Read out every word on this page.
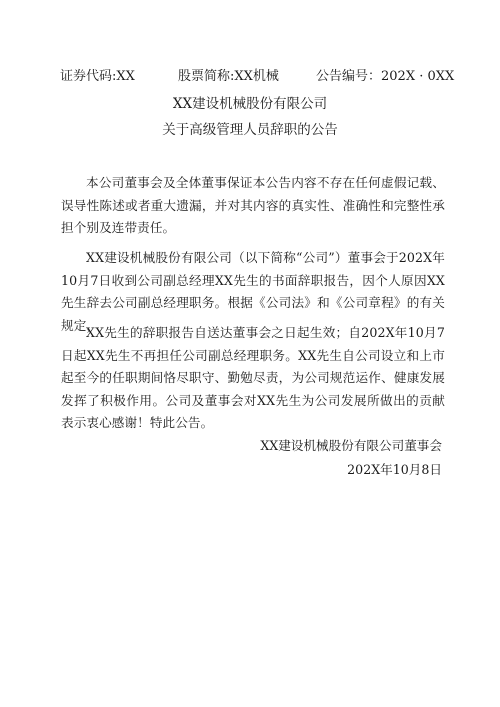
证券代码:XX	股票简称:XX机械	公告编号：202X · 0XX
XX建设机械股份有限公司
关于高级管理人员辞职的公告

本公司董事会及全体董事保证本公告内容不存在任何虚假记载、误导性陈述或者重大遗漏，并对其内容的真实性、准确性和完整性承担个别及连带责任。

XX建设机械股份有限公司（以下简称“公司”）董事会于202X年10月7日收到公司副总经理XX先生的书面辞职报告，因个人原因XX先生辞去公司副总经理职务。根据《公司法》和《公司章程》的有关规定，

XX先生的辞职报告自送达董事会之日起生效；自202X年10月7日起XX先生不再担任公司副总经理职务。XX先生自公司设立和上市起至今的任职期间恪尽职守、勤勉尽责，为公司规范运作、健康发展发挥了积极作用。公司及董事会对XX先生为公司发展所做出的贡献表示衷心感谢！特此公告。

XX建设机械股份有限公司董事会
202X年10月8日
